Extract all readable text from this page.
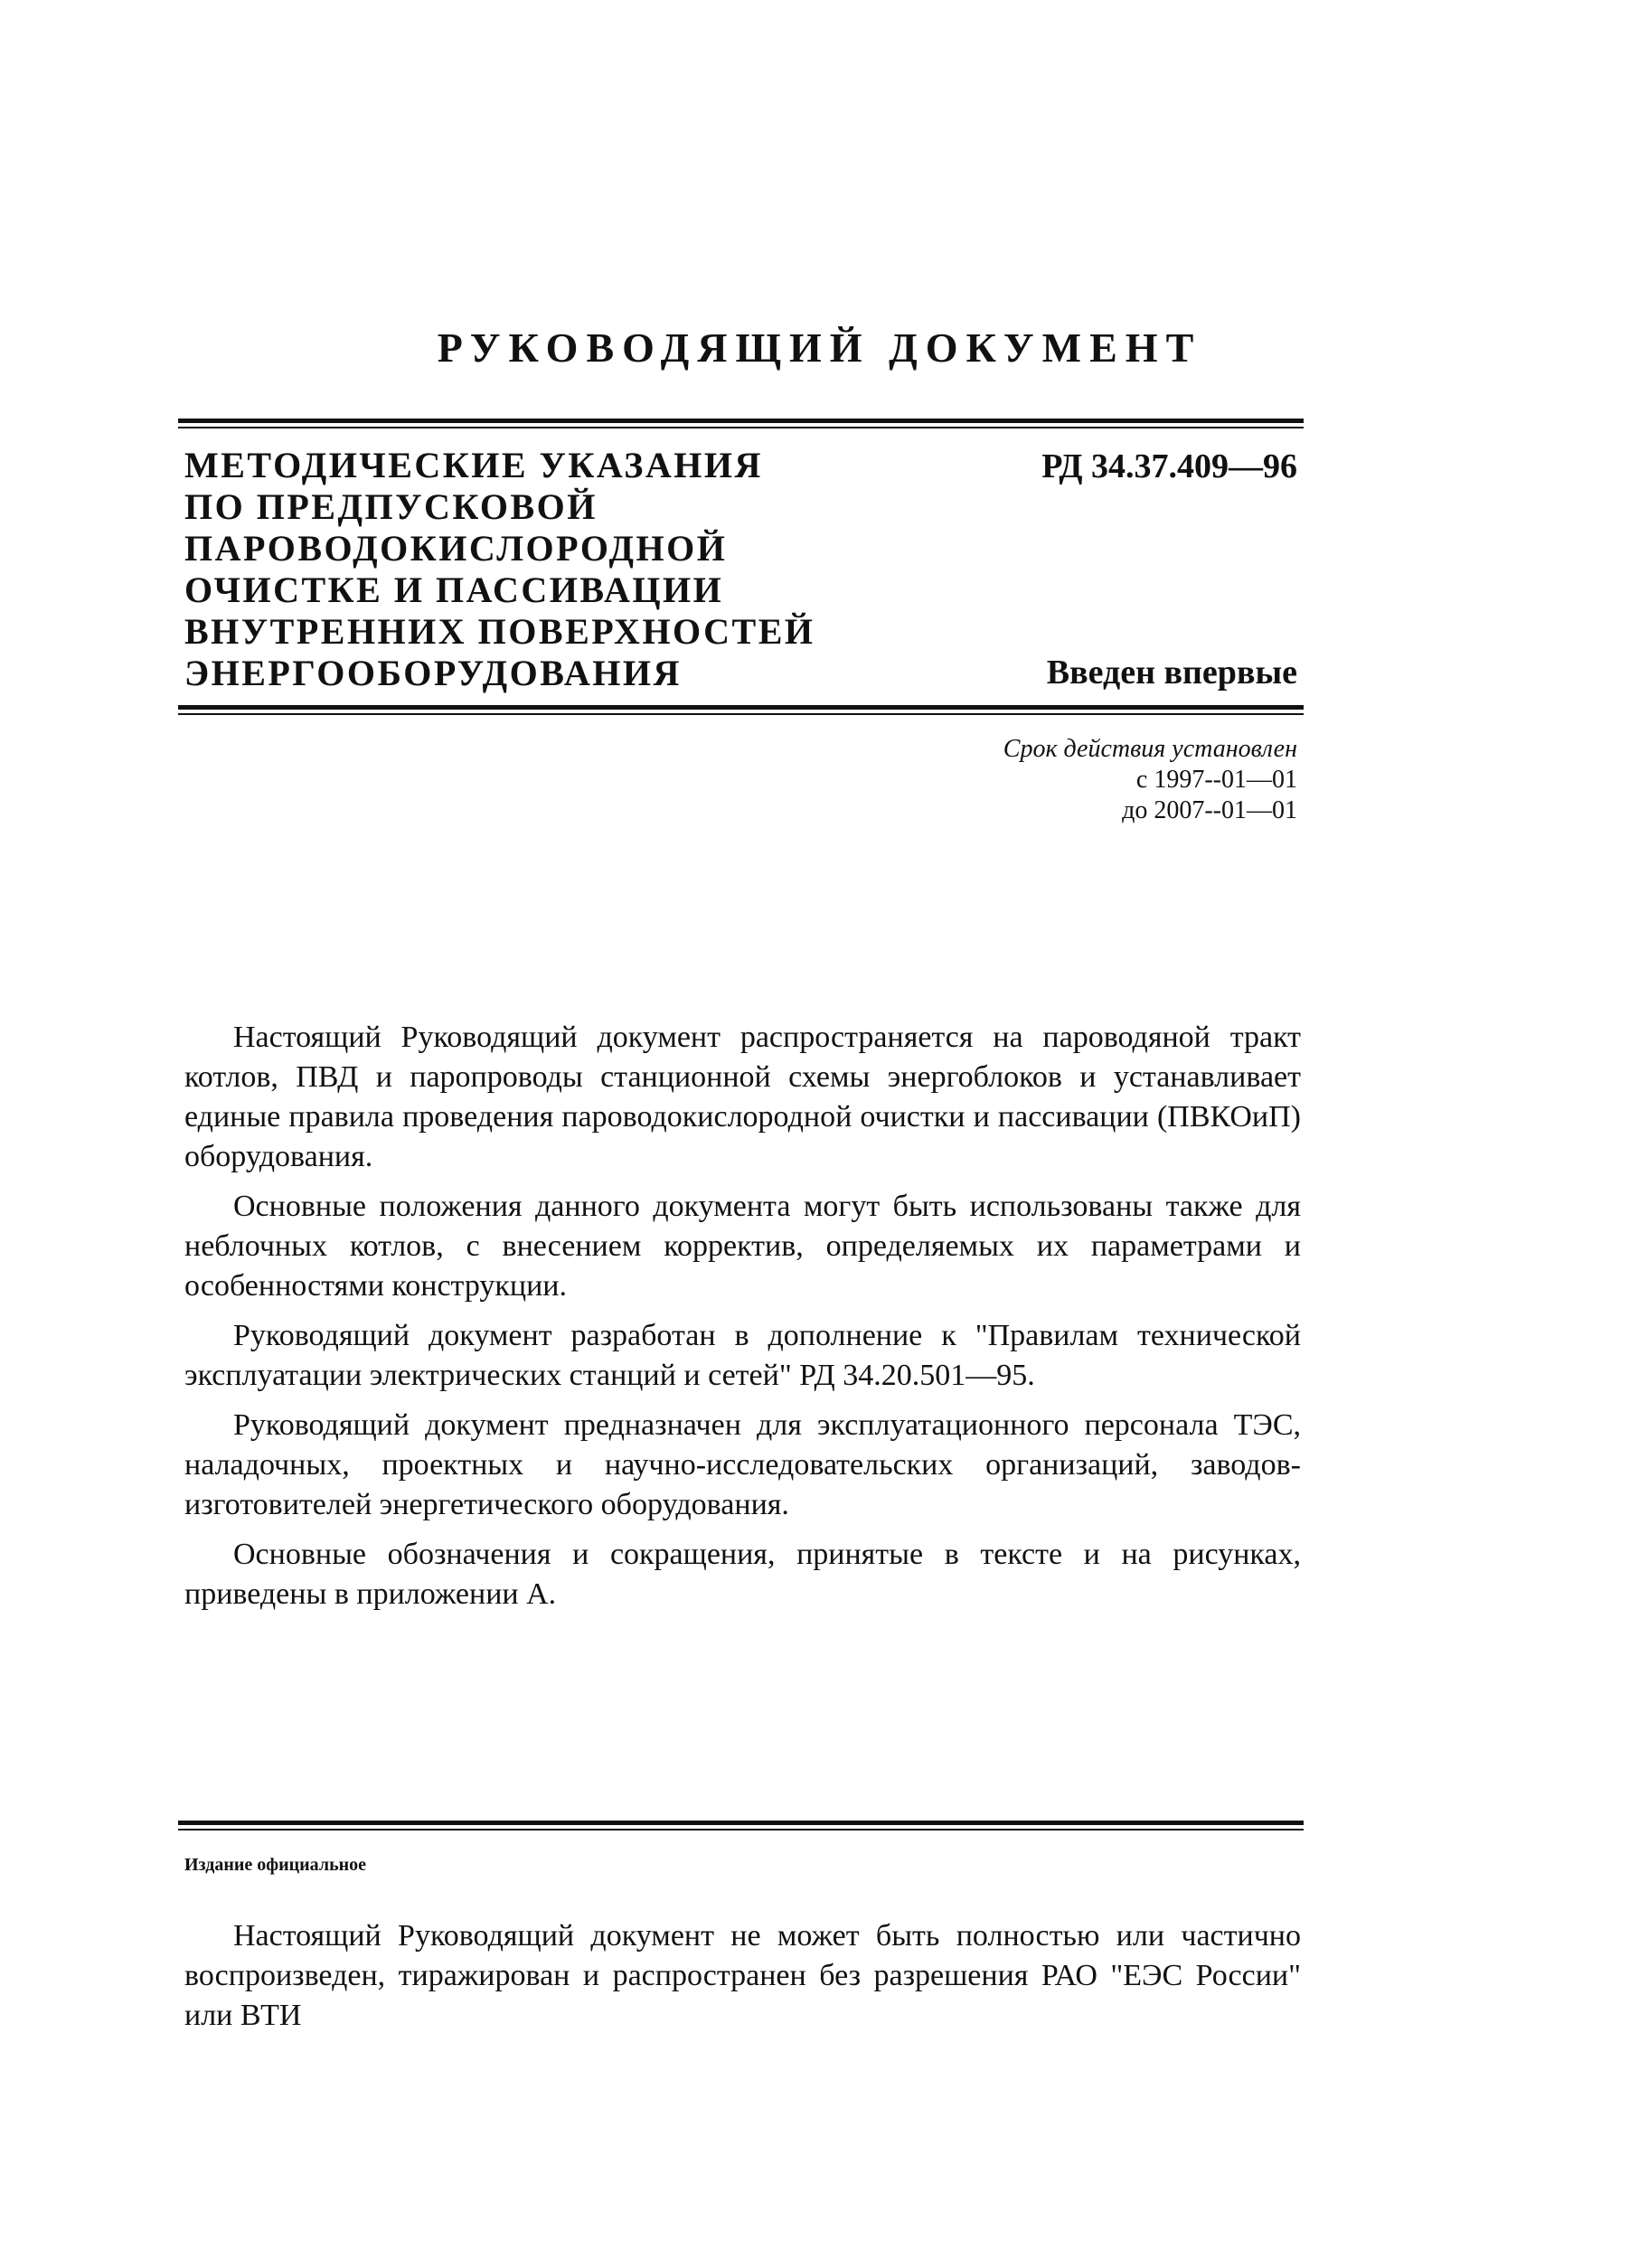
РУКОВОДЯЩИЙ ДОКУМЕНТ
МЕТОДИЧЕСКИЕ УКАЗАНИЯ
ПО ПРЕДПУСКОВОЙ
ПАРОВОДОКИСЛОРОДНОЙ
ОЧИСТКЕ И ПАССИВАЦИИ
ВНУТРЕННИХ ПОВЕРХНОСТЕЙ
ЭНЕРГООБОРУДОВАНИЯ
РД 34.37.409—96
Введен впервые
Срок действия установлен
с 1997--01—01
до 2007--01—01

Настоящий Руководящий документ распространяется на пароводяной тракт котлов, ПВД и паропроводы станционной схемы энергоблоков и устанавливает единые правила проведения пароводокислородной очистки и пассивации (ПВКОиП) оборудования.

Основные положения данного документа могут быть использованы также для неблочных котлов, с внесением корректив, определяемых их параметрами и особенностями конструкции.

Руководящий документ разработан в дополнение к "Правилам технической эксплуатации электрических станций и сетей" РД 34.20.501—95.

Руководящий документ предназначен для эксплуатационного персонала ТЭС, наладочных, проектных и научно-исследовательских организаций, заводов-изготовителей энергетического оборудования.

Основные обозначения и сокращения, принятые в тексте и на рисунках, приведены в приложении А.

Издание официальное

Настоящий Руководящий документ не может быть полностью или частично воспроизведен, тиражирован и распространен без разрешения РАО "ЕЭС России" или ВТИ
